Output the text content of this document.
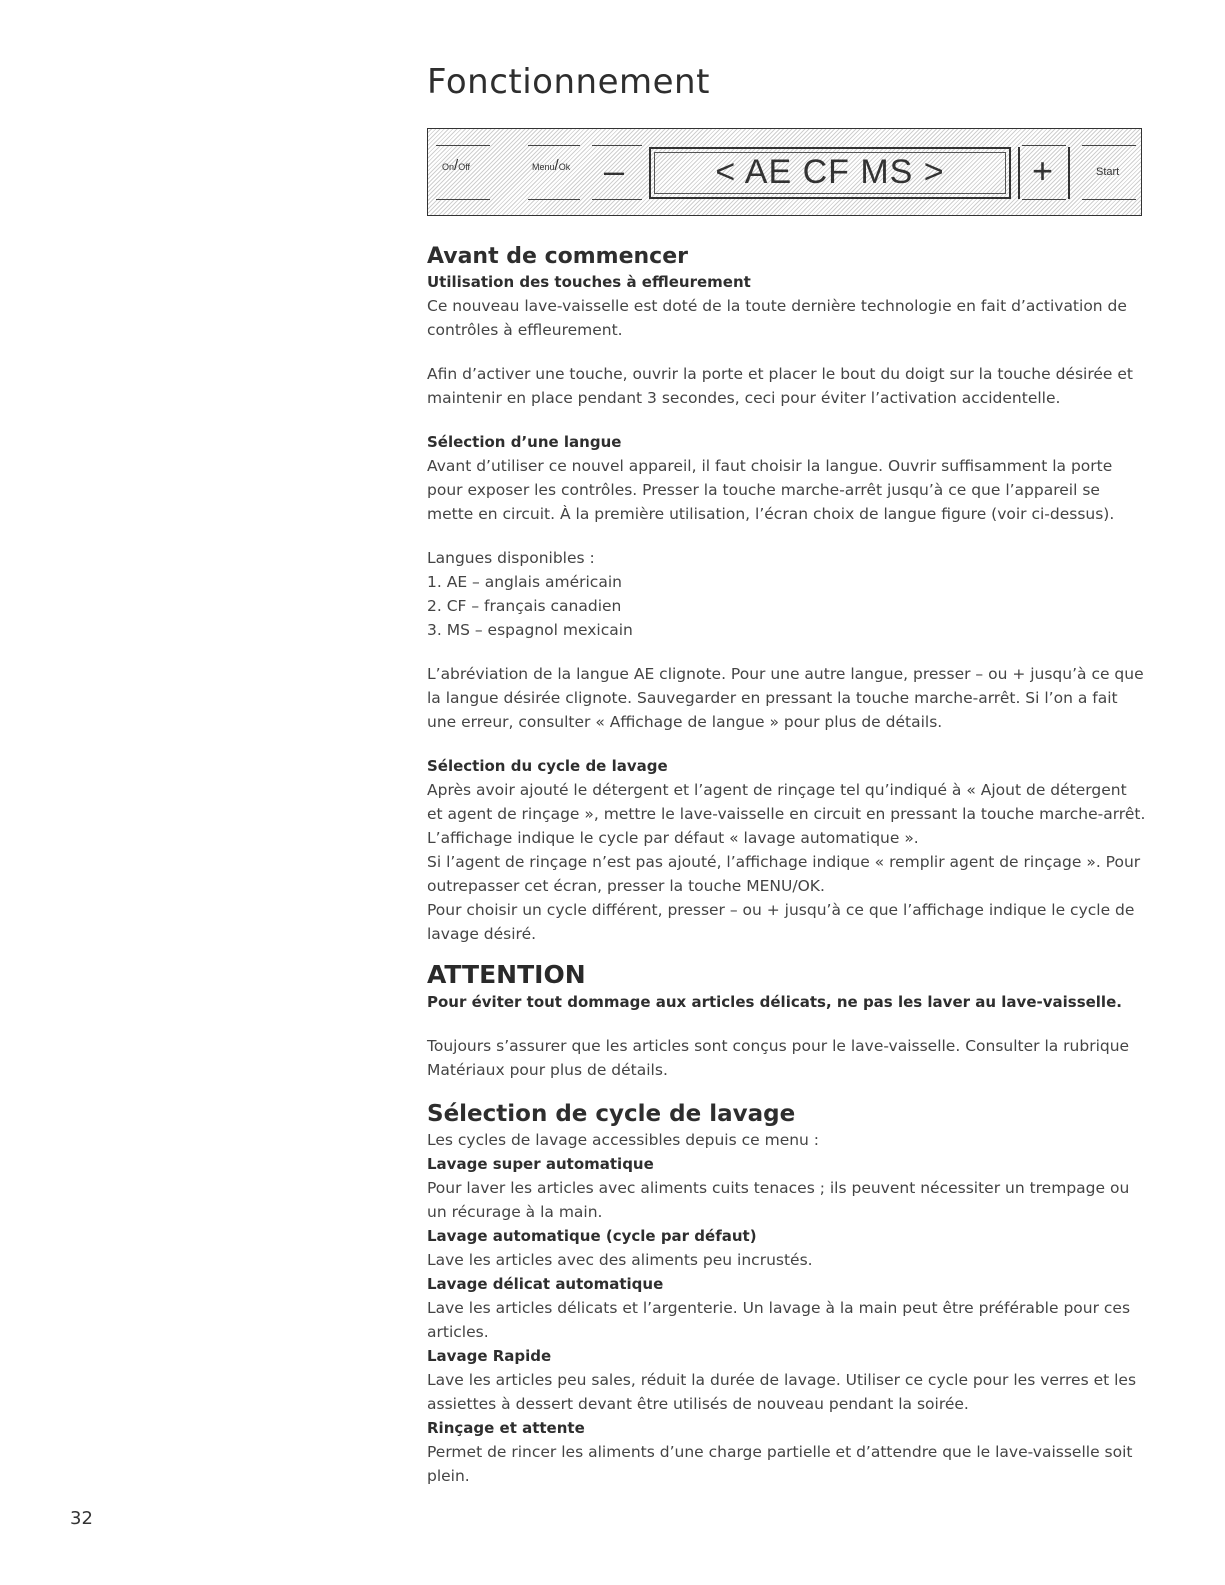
Fonctionnement
On/Off	Menu/Ok –	< AE CF MS >	+	Start
Avant de commencer
Utilisation des touches à effleurement

Ce nouveau lave-vaisselle est doté de la toute dernière technologie en fait d’activation de contrôles à effleurement.

Afin d’activer une touche, ouvrir la porte et placer le bout du doigt sur la touche désirée et maintenir en place pendant 3 secondes, ceci pour éviter l’activation accidentelle.

Sélection d’une langue

Avant d’utiliser ce nouvel appareil, il faut choisir la langue. Ouvrir suffisamment la porte pour exposer les contrôles. Presser la touche marche-arrêt jusqu’à ce que l’appareil se mette en circuit. À la première utilisation, l’écran choix de langue figure (voir ci-dessus).

Langues disponibles :

1. AE – anglais américain
2. CF – français canadien
3. MS – espagnol mexicain

L’abréviation de la langue AE clignote. Pour une autre langue, presser – ou + jusqu’à ce que la langue désirée clignote. Sauvegarder en pressant la touche marche-arrêt. Si l’on a fait une erreur, consulter « Affichage de langue » pour plus de détails.

Sélection du cycle de lavage

Après avoir ajouté le détergent et l’agent de rinçage tel qu’indiqué à « Ajout de détergent et agent de rinçage », mettre le lave-vaisselle en circuit en pressant la touche marche-arrêt. L’affichage indique le cycle par défaut « lavage automatique ».

Si l’agent de rinçage n’est pas ajouté, l’affichage indique « remplir agent de rinçage ». Pour outrepasser cet écran, presser la touche MENU/OK.

Pour choisir un cycle différent, presser – ou + jusqu’à ce que l’affichage indique le cycle de lavage désiré.

ATTENTION

Pour éviter tout dommage aux articles délicats, ne pas les laver au lave-vaisselle.

Toujours s’assurer que les articles sont conçus pour le lave-vaisselle. Consulter la rubrique Matériaux pour plus de détails.

Sélection de cycle de lavage

Les cycles de lavage accessibles depuis ce menu :

Lavage super automatique

Pour laver les articles avec aliments cuits tenaces ; ils peuvent nécessiter un trempage ou un récurage à la main.

Lavage automatique (cycle par défaut)

Lave les articles avec des aliments peu incrustés.

Lavage délicat automatique

Lave les articles délicats et l’argenterie. Un lavage à la main peut être préférable pour ces articles.

Lavage Rapide

Lave les articles peu sales, réduit la durée de lavage. Utiliser ce cycle pour les verres et les assiettes à dessert devant être utilisés de nouveau pendant la soirée.

Rinçage et attente

Permet de rincer les aliments d’une charge partielle et d’attendre que le lave-vaisselle soit plein.

32
